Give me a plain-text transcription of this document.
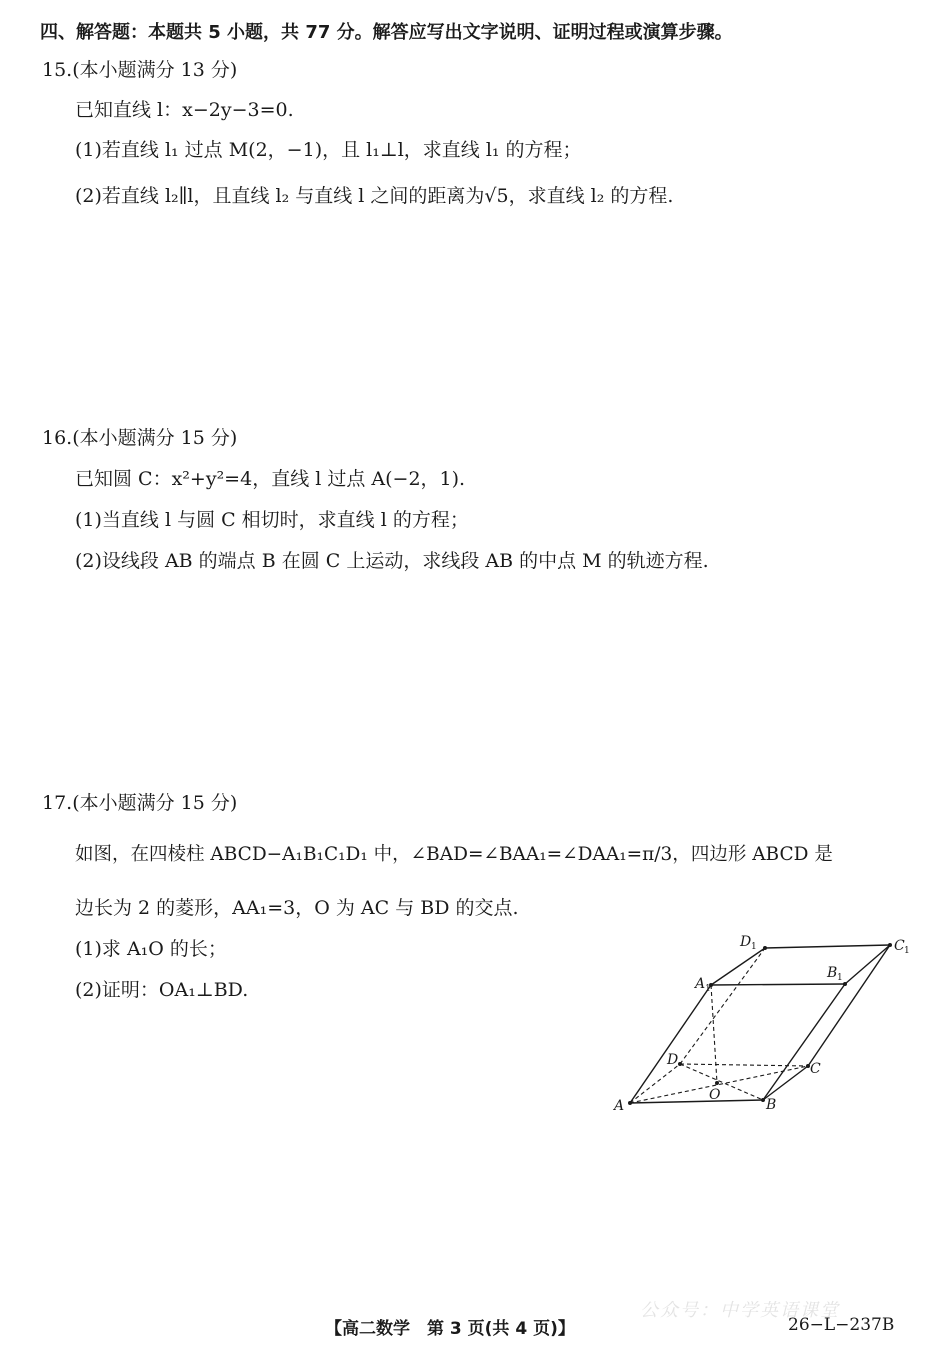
四、解答题：本题共 5 小题，共 77 分。解答应写出文字说明、证明过程或演算步骤。
15.(本小题满分 13 分)
已知直线 l：x−2y−3=0.
(1)若直线 l₁ 过点 M(2，−1)，且 l₁⊥l，求直线 l₁ 的方程；
(2)若直线 l₂∥l，且直线 l₂ 与直线 l 之间的距离为√5，求直线 l₂ 的方程.
16.(本小题满分 15 分)
已知圆 C：x²+y²=4，直线 l 过点 A(−2，1).
(1)当直线 l 与圆 C 相切时，求直线 l 的方程；
(2)设线段 AB 的端点 B 在圆 C 上运动，求线段 AB 的中点 M 的轨迹方程.
17.(本小题满分 15 分)
如图，在四棱柱 ABCD−A₁B₁C₁D₁ 中，∠BAD=∠BAA₁=∠DAA₁=π/3，四边形 ABCD 是
边长为 2 的菱形，AA₁=3，O 为 AC 与 BD 的交点.
(1)求 A₁O 的长；
(2)证明：OA₁⊥BD.
A	B
C
D
O
A 1
B 1
C 1
D 1
【高二数学　第 3 页(共 4 页)】
公众号：中学英语课堂
26−L−237B
